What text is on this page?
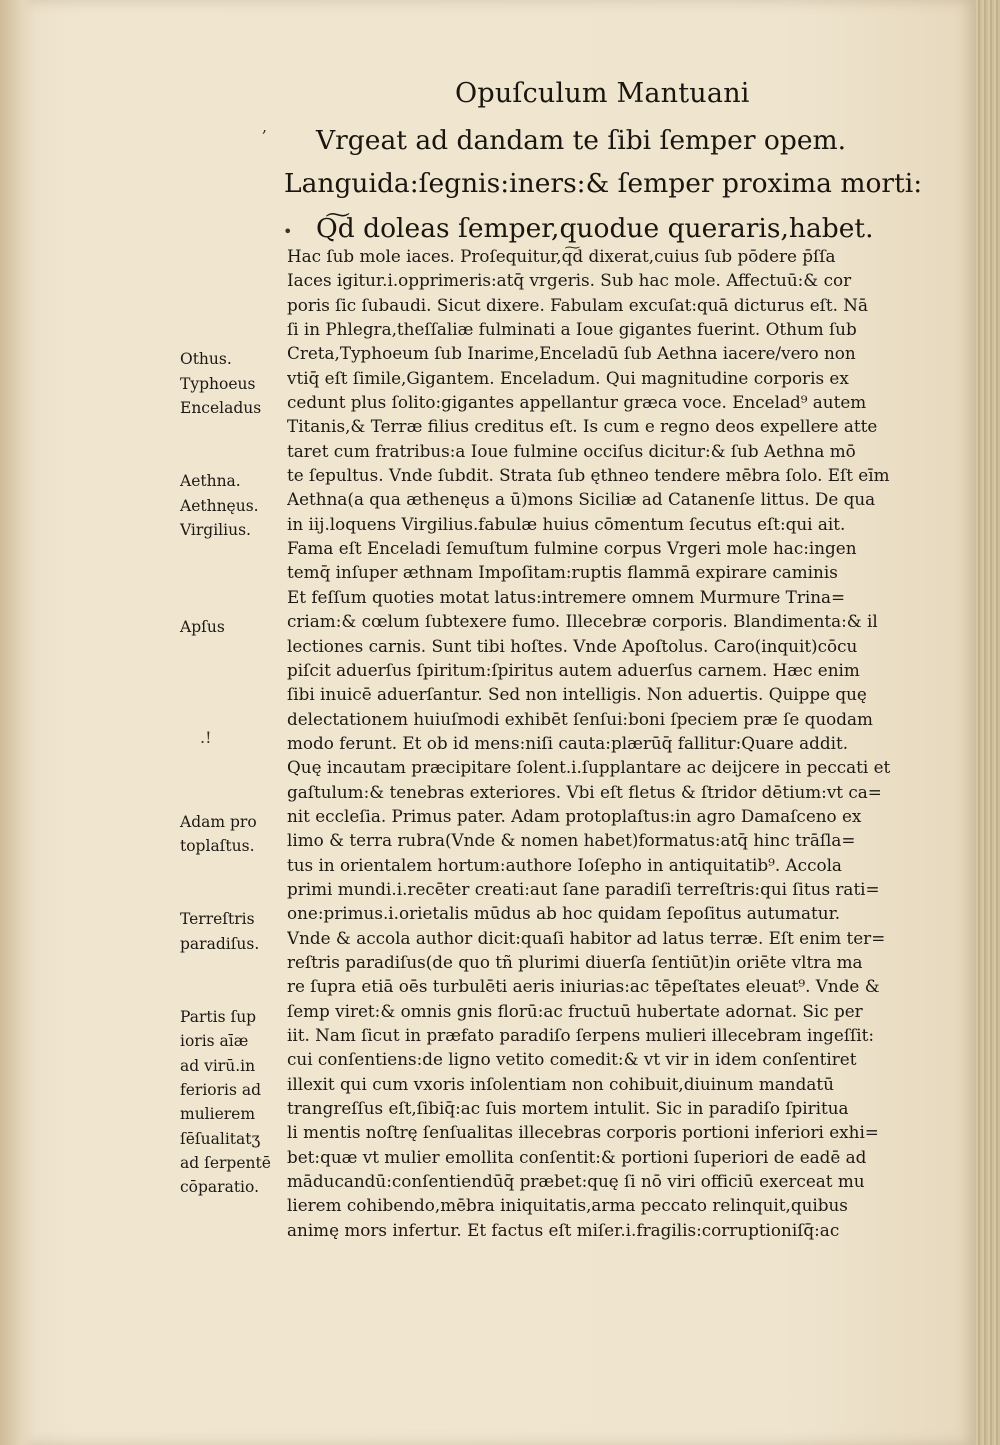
Opuſculum Mantuani
Vrgeat ad dandam te ſibi ſemper opem.
Languida:ſegnis:iners:& ſemper proxima morti:
Q͠d doleas ſemper,quodue queraris,habet.
,
•
.!
Hac ſub mole iaces. Proſequitur,q͠d dixerat,cuius ſub pōdere p̄ſſa
Iaces igitur.i.opprimeris:atq̄ vrgeris. Sub hac mole. Affectuū:& cor
poris ſic ſubaudi. Sicut dixere. Fabulam excuſat:quā dicturus eſt. Nā
ſi in Phlegra,theſſaliæ fulminati a Ioue gigantes fuerint. Othum ſub
Creta,Typhoeum ſub Inarime,Enceladū ſub Aethna iacere/vero non
vtiq̄ eſt ſimile,Gigantem. Enceladum. Qui magnitudine corporis ex
cedunt plus ſolito:gigantes appellantur græca voce. Encelad⁹ autem
Titanis,& Terræ filius creditus eſt. Is cum e regno deos expellere atte
taret cum fratribus:a Ioue fulmine occiſus dicitur:& ſub Aethna mō
te ſepultus. Vnde ſubdit. Strata ſub ęthneo tendere mēbra ſolo. Eſt eīm
Aethna(a qua æthenęus a ū)mons Siciliæ ad Catanenſe littus. De qua
in iij.loquens Virgilius.fabulæ huius cōmentum ſecutus eſt:qui ait.
Fama eſt Enceladi ſemuſtum fulmine corpus Vrgeri mole hac:ingen
temq̄ inſuper æthnam Impoſitam:ruptis flammā expirare caminis
Et feſſum quoties motat latus:intremere omnem Murmure Trina=
criam:& cœlum ſubtexere fumo. Illecebræ corporis. Blandimenta:& il
lectiones carnis. Sunt tibi hoſtes. Vnde Apoſtolus. Caro(inquit)cōcu
piſcit aduerſus ſpiritum:ſpiritus autem aduerſus carnem. Hæc enim
ſibi inuicē aduerſantur. Sed non intelligis. Non aduertis. Quippe quę
delectationem huiuſmodi exhibēt ſenſui:boni ſpeciem præ ſe quodam
modo ferunt. Et ob id mens:niſi cauta:plærūq̄ fallitur:Quare addit.
Quę incautam præcipitare ſolent.i.ſupplantare ac deijcere in peccati et
gaſtulum:& tenebras exteriores. Vbi eſt fletus & ſtridor dētium:vt ca=
nit eccleſia. Primus pater. Adam protoplaſtus:in agro Damaſceno ex
limo & terra rubra(Vnde & nomen habet)formatus:atq̄ hinc trāſla=
tus in orientalem hortum:authore Ioſepho in antiquitatib⁹. Accola
primi mundi.i.recēter creati:aut ſane paradiſi terreſtris:qui ſitus rati=
one:primus.i.orietalis mūdus ab hoc quidam ſepoſitus autumatur.
Vnde & accola author dicit:quaſi habitor ad latus terræ. Eſt enim ter=
reſtris paradiſus(de quo tñ plurimi diuerſa ſentiūt)in oriēte vltra ma
re ſupra etiā oēs turbulēti aeris iniurias:ac tēpeſtates eleuat⁹. Vnde &
ſemp viret:& omnis gnis florū:ac fructuū hubertate adornat. Sic per
iit. Nam ſicut in præfato paradiſo ſerpens mulieri illecebram ingeſſit:
cui conſentiens:de ligno vetito comedit:& vt vir in idem conſentiret
illexit qui cum vxoris inſolentiam non cohibuit,diuinum mandatū
trangreſſus eſt,ſibiq̄:ac ſuis mortem intulit. Sic in paradiſo ſpiritua
li mentis noſtrę ſenſualitas illecebras corporis portioni inferiori exhi=
bet:quæ vt mulier emollita conſentit:& portioni ſuperiori de eadē ad
māducandū:conſentiendūq̄ præbet:quę ſi nō viri officiū exerceat mu
lierem cohibendo,mēbra iniquitatis,arma peccato relinquit,quibus
animę mors infertur. Et factus eſt miſer.i.fragilis:corruptioniſq̄:ac
Othus.
Typhoeus
Enceladus
Aethna.
Aethnęus.
Virgilius.
Apſus
Adam pro
toplaſtus.
Terreſtris
paradiſus.
Partis ſup
ioris aīæ
ad virū.in
ferioris ad
mulierem
ſēſualitatʒ
ad ſerpentē
cōparatio.
